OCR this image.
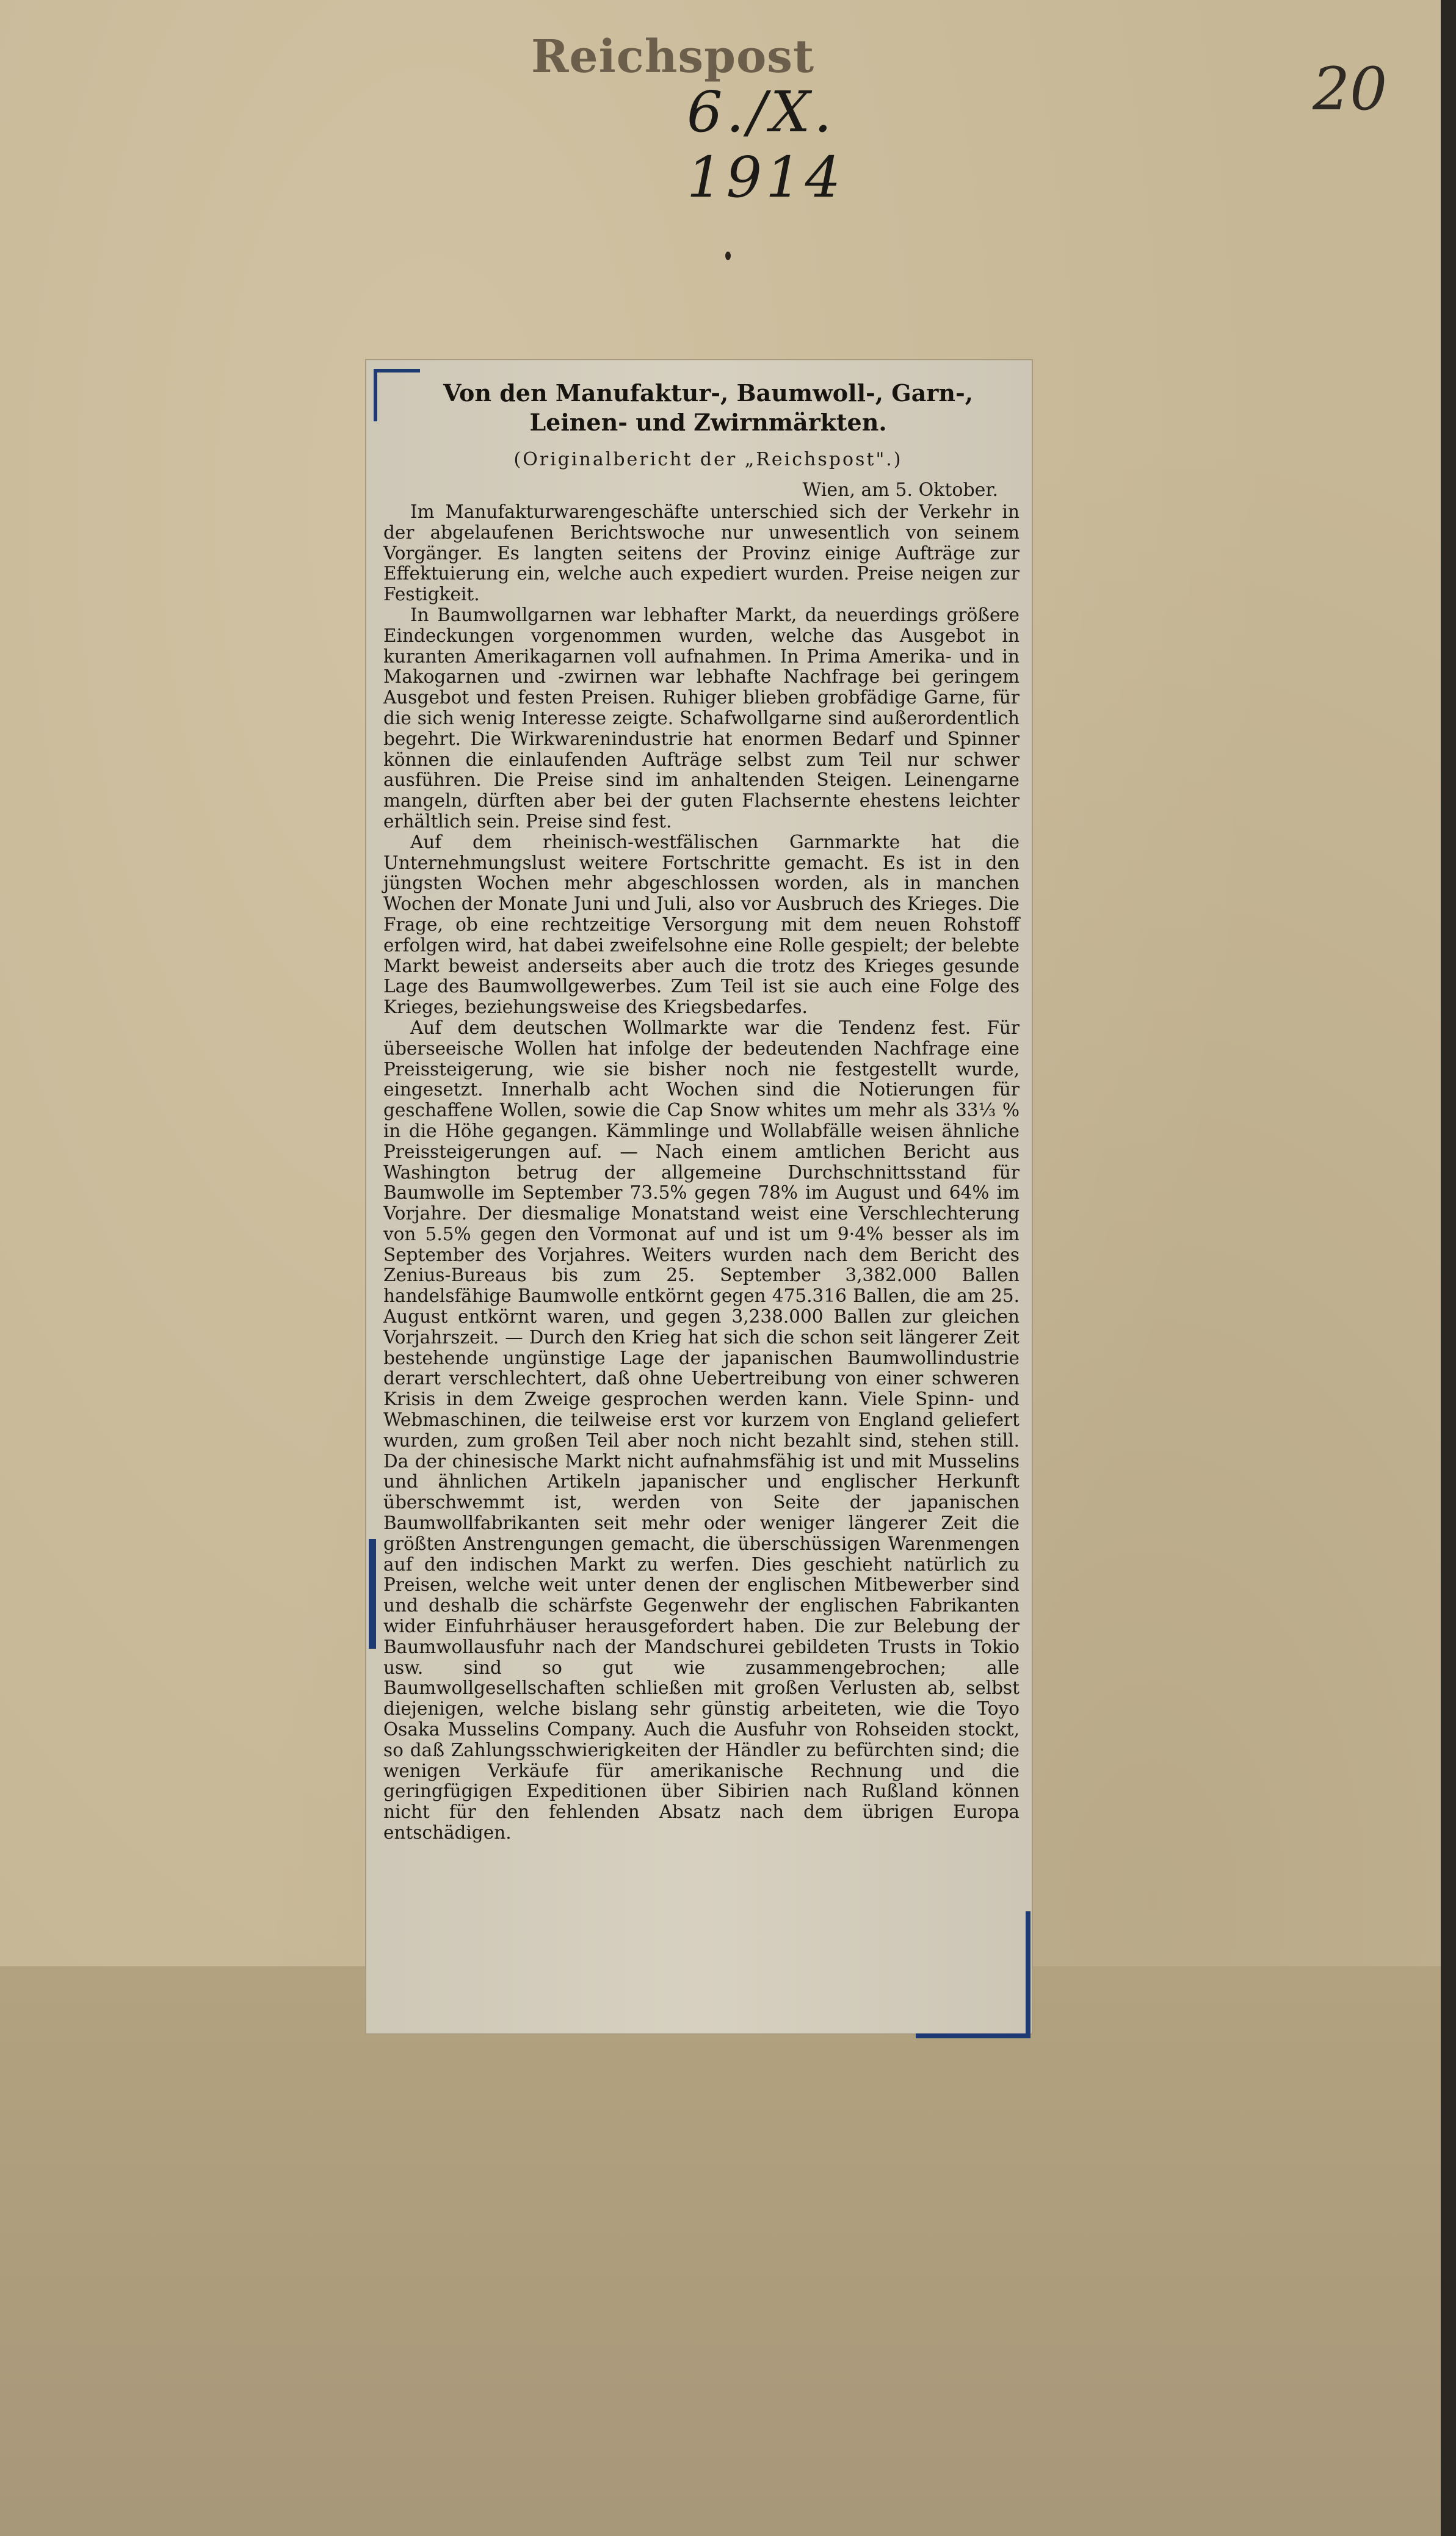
Reichspost
6./X. 1914
20
Von den Manufaktur-, Baumwoll-, Garn-,
Leinen- und Zwirnmärkten.
(Originalbericht der „Reichspost".)
Wien, am 5. Oktober.

Im Manufakturwarengeschäfte unterschied sich der Verkehr in der abgelaufenen Berichtswoche nur unwesentlich von seinem Vorgänger. Es langten seitens der Provinz einige Aufträge zur Effektuierung ein, welche auch expediert wurden. Preise neigen zur Festigkeit.

In Baumwollgarnen war lebhafter Markt, da neuerdings größere Eindeckungen vorgenommen wurden, welche das Ausgebot in kuranten Amerikagarnen voll aufnahmen. In Prima Amerika- und in Makogarnen und -zwirnen war lebhafte Nachfrage bei geringem Ausgebot und festen Preisen. Ruhiger blieben grobfädige Garne, für die sich wenig Interesse zeigte. Schafwollgarne sind außerordentlich begehrt. Die Wirkwarenindustrie hat enormen Bedarf und Spinner können die einlaufenden Aufträge selbst zum Teil nur schwer ausführen. Die Preise sind im anhaltenden Steigen. Leinengarne mangeln, dürften aber bei der guten Flachsernte ehestens leichter erhältlich sein. Preise sind fest.

Auf dem rheinisch-westfälischen Garnmarkte hat die Unternehmungslust weitere Fortschritte gemacht. Es ist in den jüngsten Wochen mehr abgeschlossen worden, als in manchen Wochen der Monate Juni und Juli, also vor Ausbruch des Krieges. Die Frage, ob eine rechtzeitige Versorgung mit dem neuen Rohstoff erfolgen wird, hat dabei zweifelsohne eine Rolle gespielt; der belebte Markt beweist anderseits aber auch die trotz des Krieges gesunde Lage des Baumwollgewerbes. Zum Teil ist sie auch eine Folge des Krieges, beziehungsweise des Kriegsbedarfes.

Auf dem deutschen Wollmarkte war die Tendenz fest. Für überseeische Wollen hat infolge der bedeutenden Nachfrage eine Preissteigerung, wie sie bisher noch nie festgestellt wurde, eingesetzt. Innerhalb acht Wochen sind die Notierungen für geschaffene Wollen, sowie die Cap Snow whites um mehr als 33⅓ % in die Höhe gegangen. Kämmlinge und Wollabfälle weisen ähnliche Preissteigerungen auf. — Nach einem amtlichen Bericht aus Washington betrug der allgemeine Durchschnittsstand für Baumwolle im September 73.5% gegen 78% im August und 64% im Vorjahre. Der diesmalige Monatstand weist eine Verschlechterung von 5.5% gegen den Vormonat auf und ist um 9·4% besser als im September des Vorjahres. Weiters wurden nach dem Bericht des Zenius-Bureaus bis zum 25. September 3,382.000 Ballen handelsfähige Baumwolle entkörnt gegen 475.316 Ballen, die am 25. August entkörnt waren, und gegen 3,238.000 Ballen zur gleichen Vorjahrszeit. — Durch den Krieg hat sich die schon seit längerer Zeit bestehende ungünstige Lage der japanischen Baumwollindustrie derart verschlechtert, daß ohne Uebertreibung von einer schweren Krisis in dem Zweige gesprochen werden kann. Viele Spinn- und Webmaschinen, die teilweise erst vor kurzem von England geliefert wurden, zum großen Teil aber noch nicht bezahlt sind, stehen still. Da der chinesische Markt nicht aufnahmsfähig ist und mit Musselins und ähnlichen Artikeln japanischer und englischer Herkunft überschwemmt ist, werden von Seite der japanischen Baumwollfabrikanten seit mehr oder weniger längerer Zeit die größten Anstrengungen gemacht, die überschüssigen Warenmengen auf den indischen Markt zu werfen. Dies geschieht natürlich zu Preisen, welche weit unter denen der englischen Mitbewerber sind und deshalb die schärfste Gegenwehr der englischen Fabrikanten wider Einfuhrhäuser herausgefordert haben. Die zur Belebung der Baumwollausfuhr nach der Mandschurei gebildeten Trusts in Tokio usw. sind so gut wie zusammengebrochen; alle Baumwollgesellschaften schließen mit großen Verlusten ab, selbst diejenigen, welche bislang sehr günstig arbeiteten, wie die Toyo Osaka Musselins Company. Auch die Ausfuhr von Rohseiden stockt, so daß Zahlungsschwierigkeiten der Händler zu befürchten sind; die wenigen Verkäufe für amerikanische Rechnung und die geringfügigen Expeditionen über Sibirien nach Rußland können nicht für den fehlenden Absatz nach dem übrigen Europa entschädigen.
